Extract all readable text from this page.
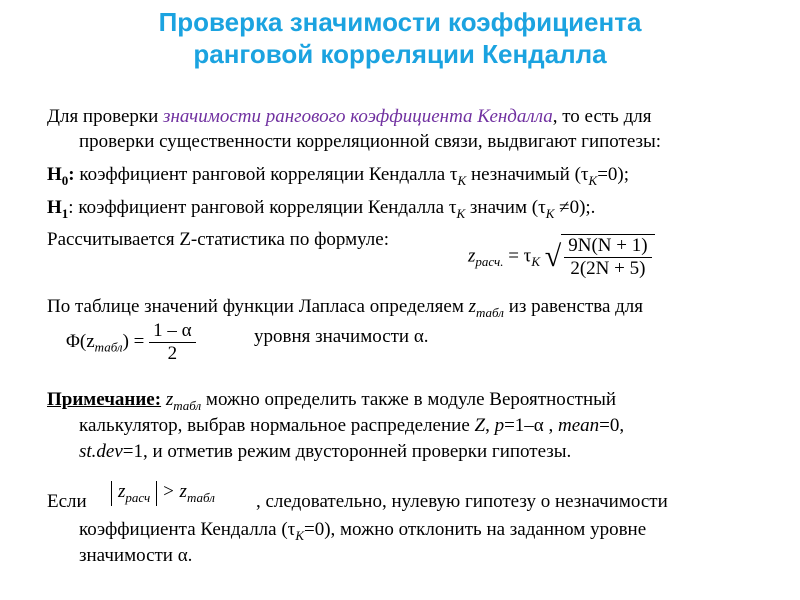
Проверка значимости коэффициента
ранговой корреляции Кендалла
Для проверки значимости рангового коэффициента Кендалла, то есть для
проверки существенности корреляционной связи, выдвигают гипотезы:
$H_0$: коэффициент ранговой корреляции Кендалла $\tau_K$ незначимый $(\tau_K=0)$;
$H_1$: коэффициент ранговой корреляции Кендалла $\tau_K$ значим $(\tau_K \ne 0)$;.
Рассчитывается Z-статистика по формуле:
$z_{расч.} = \tau_K$ √ $\frac{9N(N + 1)}{2(2N + 5)}$
По таблице значений функции Лапласа определяем $z_{табл}$ из равенства для
$\Phi(z_{табл}) = \frac{1 - \alpha}{2}$	уровня значимости α.
Примечание: $z_{табл}$ можно определить также в модуле Вероятностный
калькулятор, выбрав нормальное распределение Z, p=1–α , mean=0,
st.dev=1, и отметив режим двусторонней проверки гипотезы.
Если	$z_{расч} > z_{табл}$ , следовательно, нулевую гипотезу о незначимости
коэффициента Кендалла $(\tau_K=0)$, можно отклонить на заданном уровне
значимости α.
